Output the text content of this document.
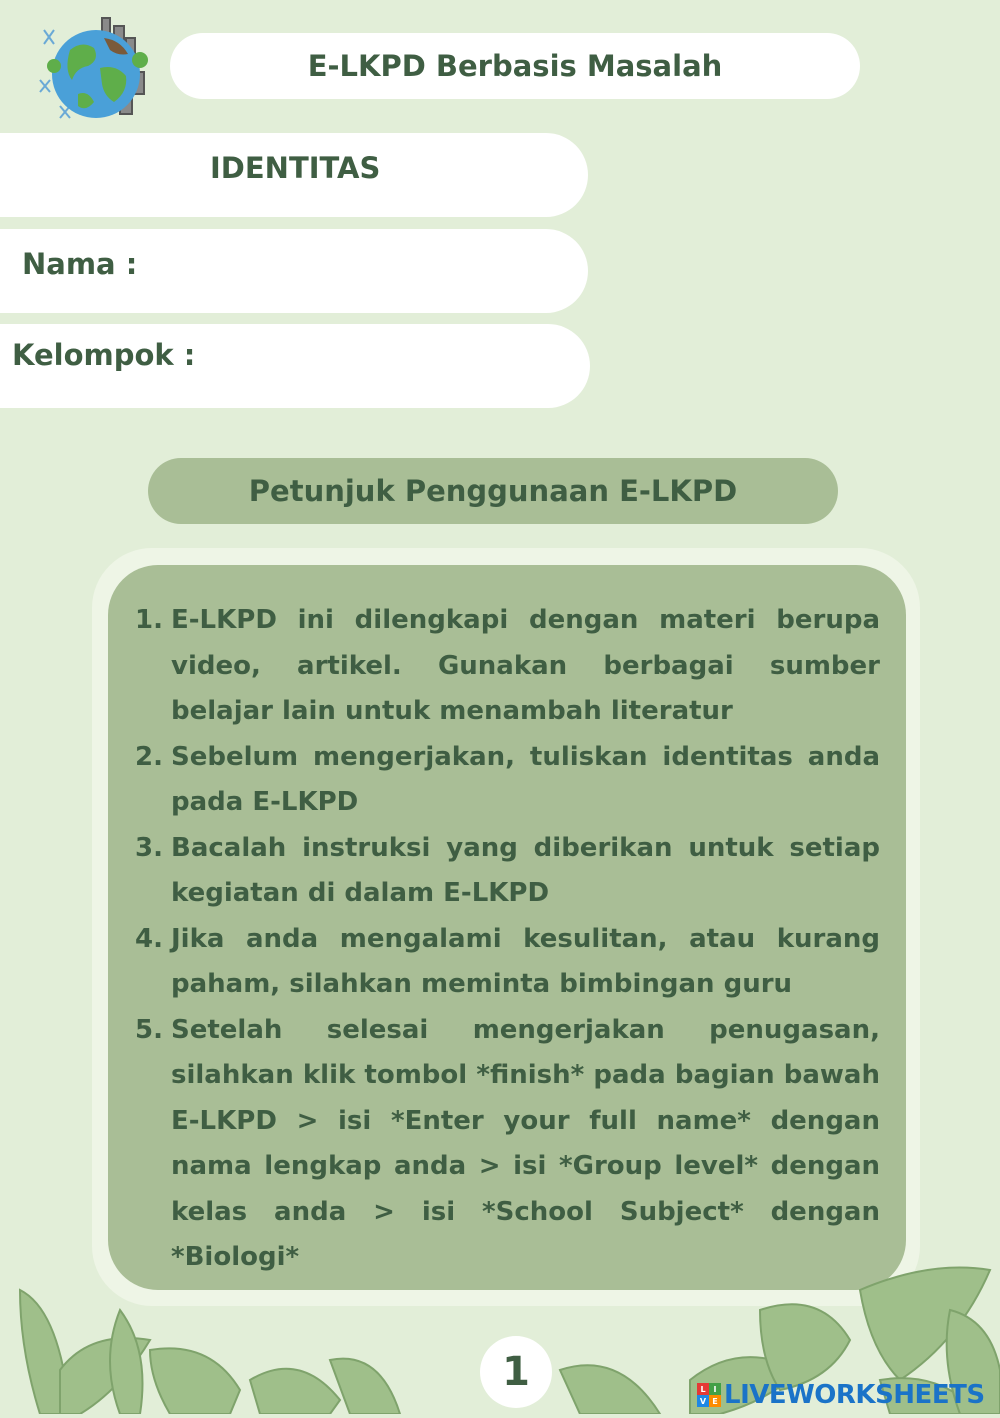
E-LKPD Berbasis Masalah
IDENTITAS
Nama :
Kelompok :
Petunjuk Penggunaan E-LKPD
1. E-LKPD ini dilengkapi dengan materi berupa video, artikel. Gunakan berbagai sumber belajar lain untuk menambah literatur
2. Sebelum mengerjakan, tuliskan identitas anda pada E-LKPD
3. Bacalah instruksi yang diberikan untuk setiap kegiatan di dalam E-LKPD
4. Jika anda mengalami kesulitan, atau kurang paham, silahkan meminta bimbingan guru
5. Setelah selesai mengerjakan penugasan, silahkan klik tombol *finish* pada bagian bawah E-LKPD > isi *Enter your full name* dengan nama lengkap anda > isi *Group level* dengan kelas anda > isi *School Subject* dengan *Biologi*
1	L I
V E LIVEWORKSHEETS
